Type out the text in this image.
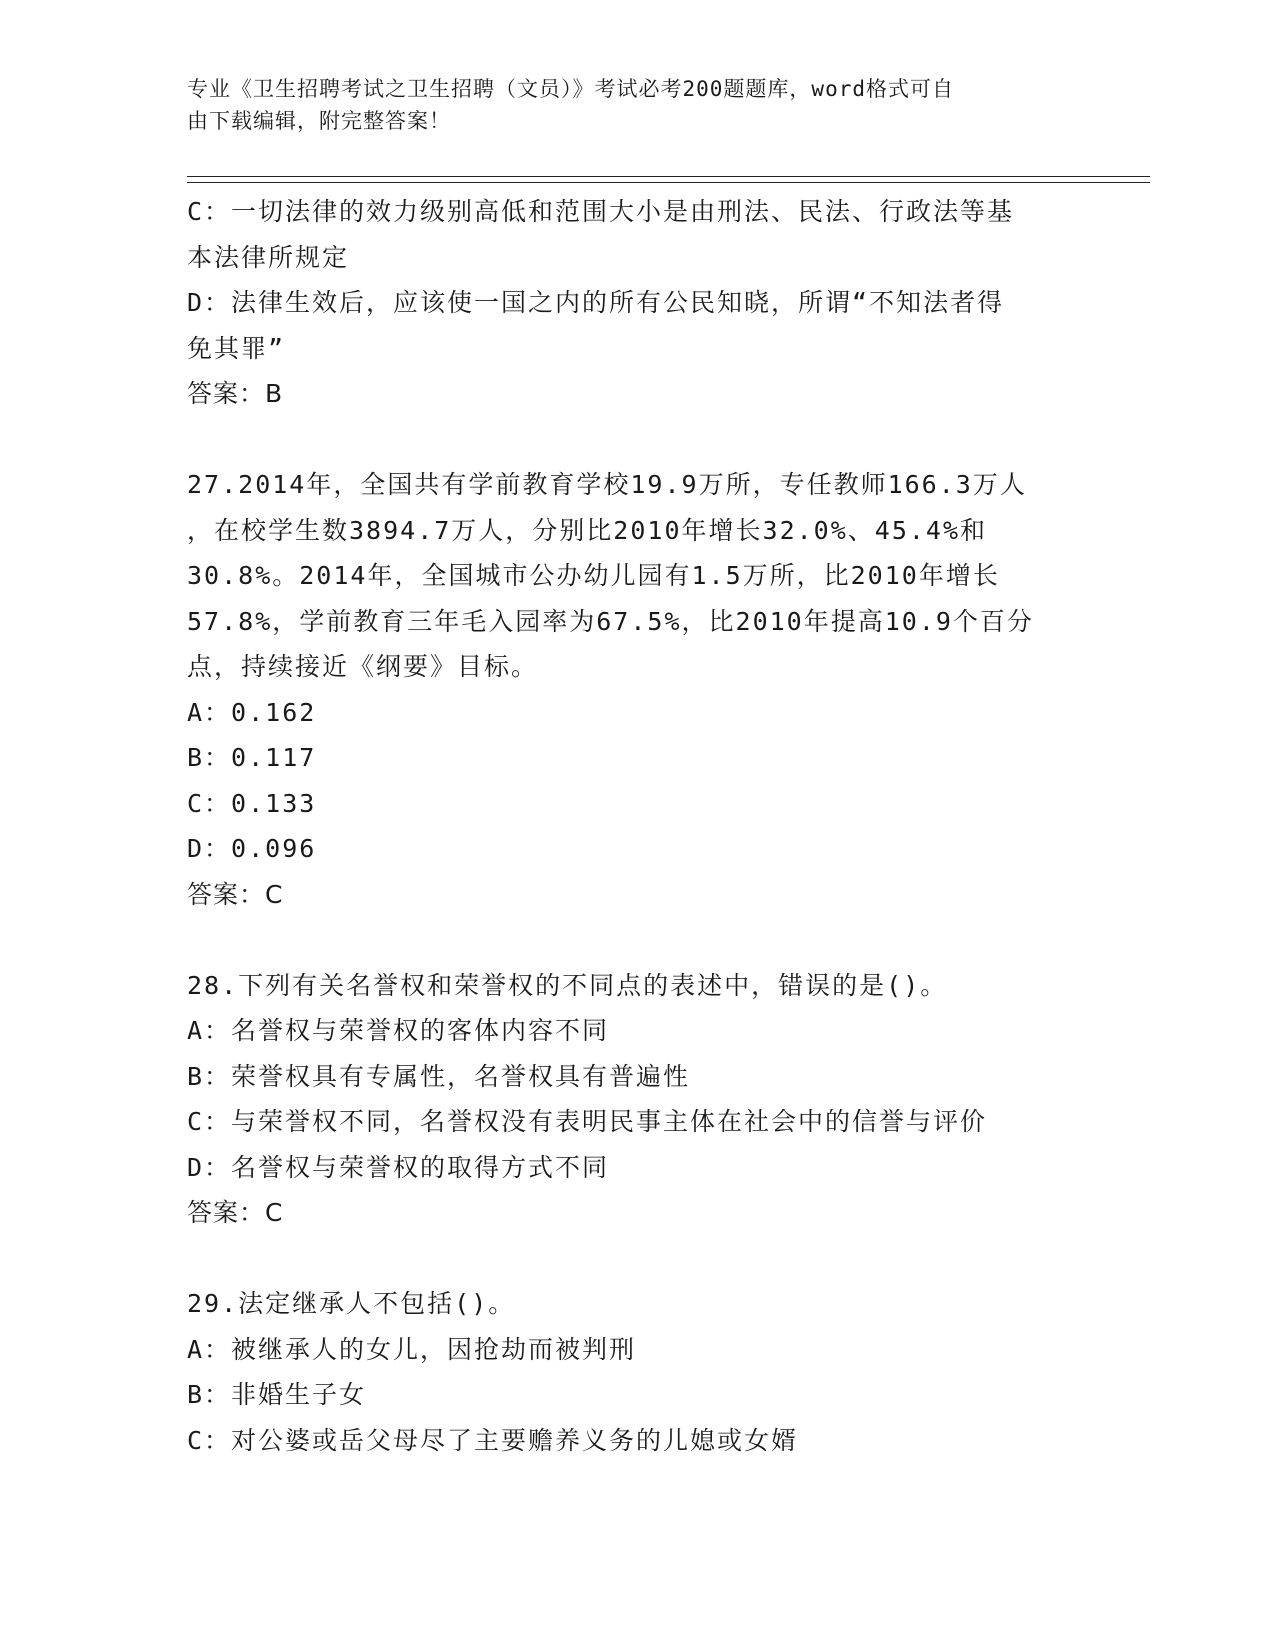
专业《卫生招聘考试之卫生招聘（文员）》考试必考200题题库，word格式可自
由下载编辑，附完整答案！
C：一切法律的效力级别高低和范围大小是由刑法、民法、行政法等基
本法律所规定
D：法律生效后，应该使一国之内的所有公民知晓，所谓“不知法者得
免其罪”
答案：B
27.2014年，全国共有学前教育学校19.9万所，专任教师166.3万人
，在校学生数3894.7万人，分别比2010年增长32.0%、45.4%和
30.8%。2014年，全国城市公办幼儿园有1.5万所，比2010年增长
57.8%，学前教育三年毛入园率为67.5%，比2010年提高10.9个百分
点，持续接近《纲要》目标。
A：0.162
B：0.117
C：0.133
D：0.096
答案：C
28.下列有关名誉权和荣誉权的不同点的表述中，错误的是()。
A：名誉权与荣誉权的客体内容不同
B：荣誉权具有专属性，名誉权具有普遍性
C：与荣誉权不同，名誉权没有表明民事主体在社会中的信誉与评价
D：名誉权与荣誉权的取得方式不同
答案：C
29.法定继承人不包括()。
A：被继承人的女儿，因抢劫而被判刑
B：非婚生子女
C：对公婆或岳父母尽了主要赡养义务的儿媳或女婿
